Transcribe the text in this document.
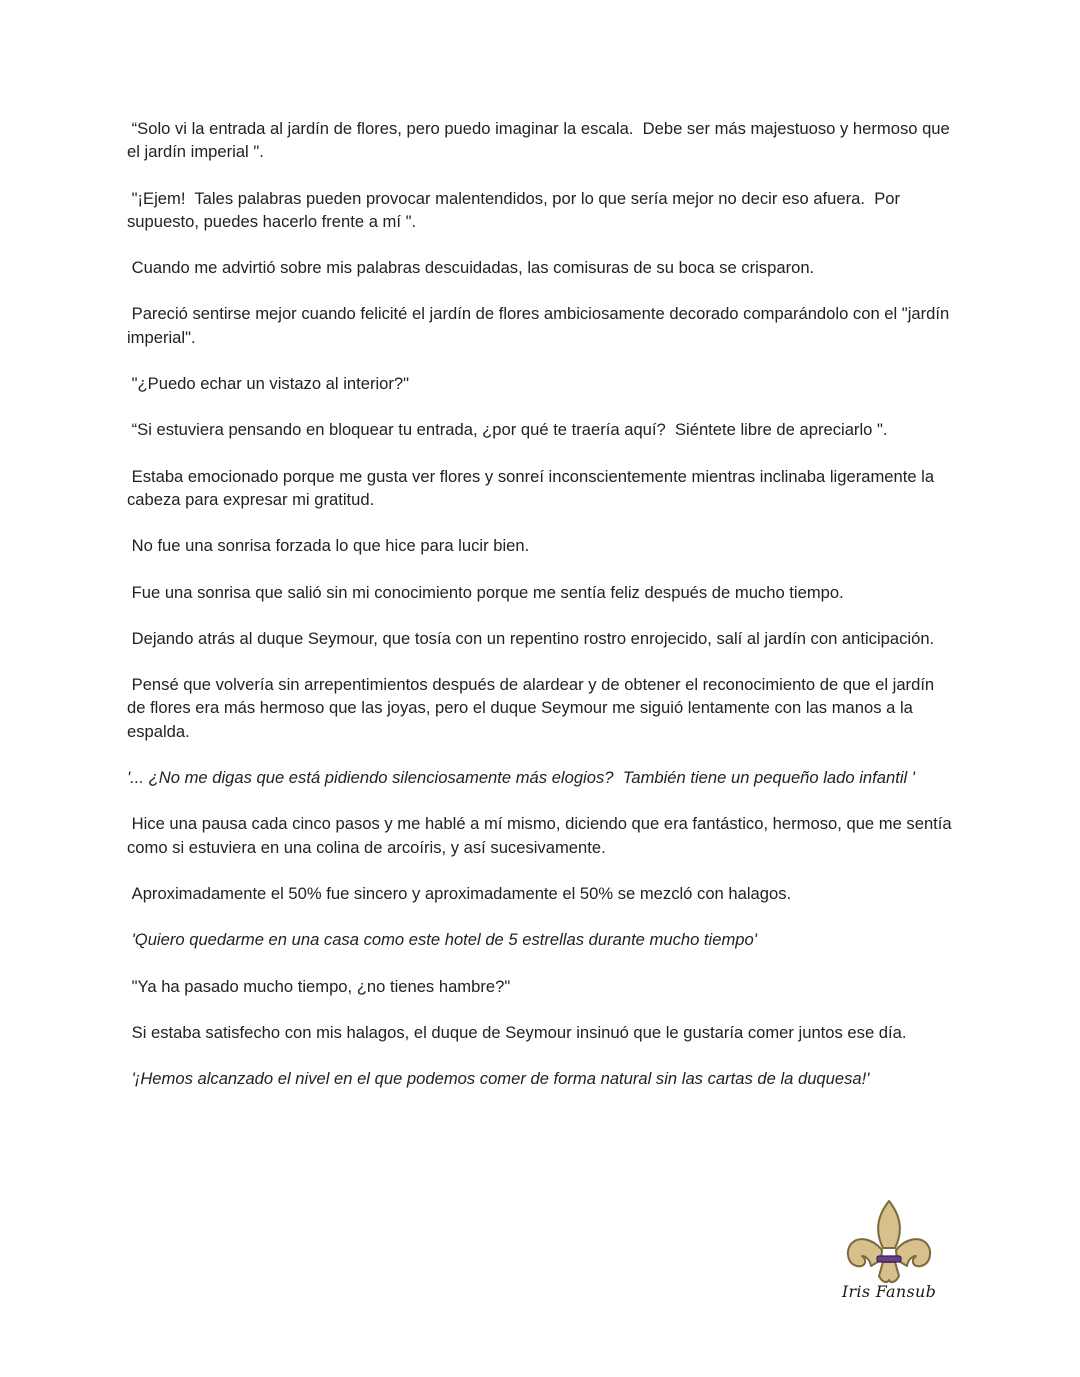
“Solo vi la entrada al jardín de flores, pero puedo imaginar la escala.  Debe ser más majestuoso y hermoso que el jardín imperial ".

"¡Ejem!  Tales palabras pueden provocar malentendidos, por lo que sería mejor no decir eso afuera.  Por supuesto, puedes hacerlo frente a mí ".

Cuando me advirtió sobre mis palabras descuidadas, las comisuras de su boca se crisparon.

Pareció sentirse mejor cuando felicité el jardín de flores ambiciosamente decorado comparándolo con el "jardín imperial".

"¿Puedo echar un vistazo al interior?"

“Si estuviera pensando en bloquear tu entrada, ¿por qué te traería aquí?  Siéntete libre de apreciarlo ".

Estaba emocionado porque me gusta ver flores y sonreí inconscientemente mientras inclinaba ligeramente la cabeza para expresar mi gratitud.

No fue una sonrisa forzada lo que hice para lucir bien.

Fue una sonrisa que salió sin mi conocimiento porque me sentía feliz después de mucho tiempo.

Dejando atrás al duque Seymour, que tosía con un repentino rostro enrojecido, salí al jardín con anticipación.

Pensé que volvería sin arrepentimientos después de alardear y de obtener el reconocimiento de que el jardín de flores era más hermoso que las joyas, pero el duque Seymour me siguió lentamente con las manos a la espalda.

'... ¿No me digas que está pidiendo silenciosamente más elogios?  También tiene un pequeño lado infantil '

Hice una pausa cada cinco pasos y me hablé a mí mismo, diciendo que era fantástico, hermoso, que me sentía como si estuviera en una colina de arcoíris, y así sucesivamente.

Aproximadamente el 50% fue sincero y aproximadamente el 50% se mezcló con halagos.

'Quiero quedarme en una casa como este hotel de 5 estrellas durante mucho tiempo'

"Ya ha pasado mucho tiempo, ¿no tienes hambre?"

Si estaba satisfecho con mis halagos, el duque de Seymour insinuó que le gustaría comer juntos ese día.

'¡Hemos alcanzado el nivel en el que podemos comer de forma natural sin las cartas de la duquesa!'

Iris Fansub
